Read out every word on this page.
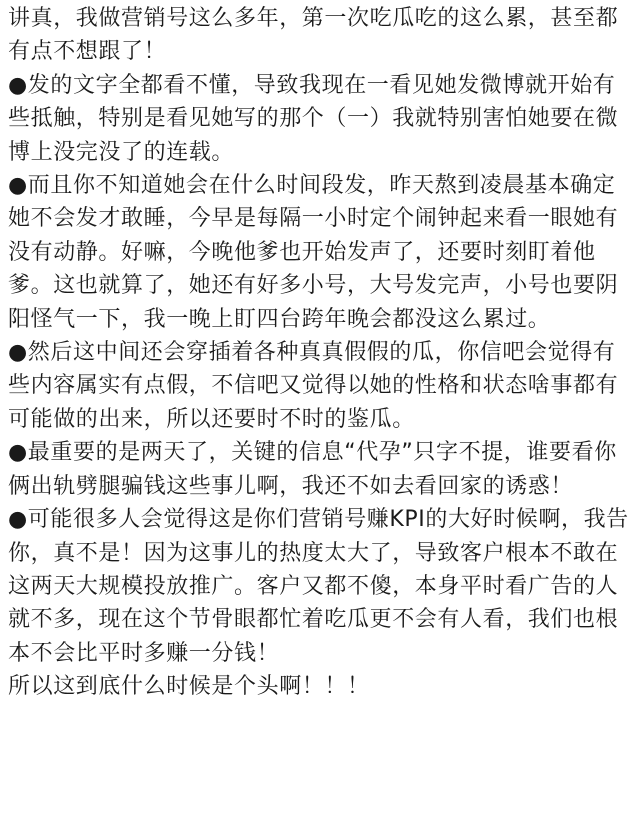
讲真，我做营销号这么多年，第一次吃瓜吃的这么累，甚至都有点不想跟了！

●发的文字全都看不懂，导致我现在一看见她发微博就开始有些抵触，特别是看见她写的那个（一）我就特别害怕她要在微博上没完没了的连载。

●而且你不知道她会在什么时间段发，昨天熬到凌晨基本确定她不会发才敢睡，今早是每隔一小时定个闹钟起来看一眼她有没有动静。好嘛，今晚他爹也开始发声了，还要时刻盯着他爹。这也就算了，她还有好多小号，大号发完声，小号也要阴阳怪气一下，我一晚上盯四台跨年晚会都没这么累过。

●然后这中间还会穿插着各种真真假假的瓜，你信吧会觉得有些内容属实有点假，不信吧又觉得以她的性格和状态啥事都有可能做的出来，所以还要时不时的鉴瓜。

●最重要的是两天了，关键的信息“代孕”只字不提，谁要看你俩出轨劈腿骗钱这些事儿啊，我还不如去看回家的诱惑！

●可能很多人会觉得这是你们营销号赚KPI的大好时候啊，我告你，真不是！因为这事儿的热度太大了，导致客户根本不敢在这两天大规模投放推广。客户又都不傻，本身平时看广告的人就不多，现在这个节骨眼都忙着吃瓜更不会有人看，我们也根本不会比平时多赚一分钱！

所以这到底什么时候是个头啊！！！
